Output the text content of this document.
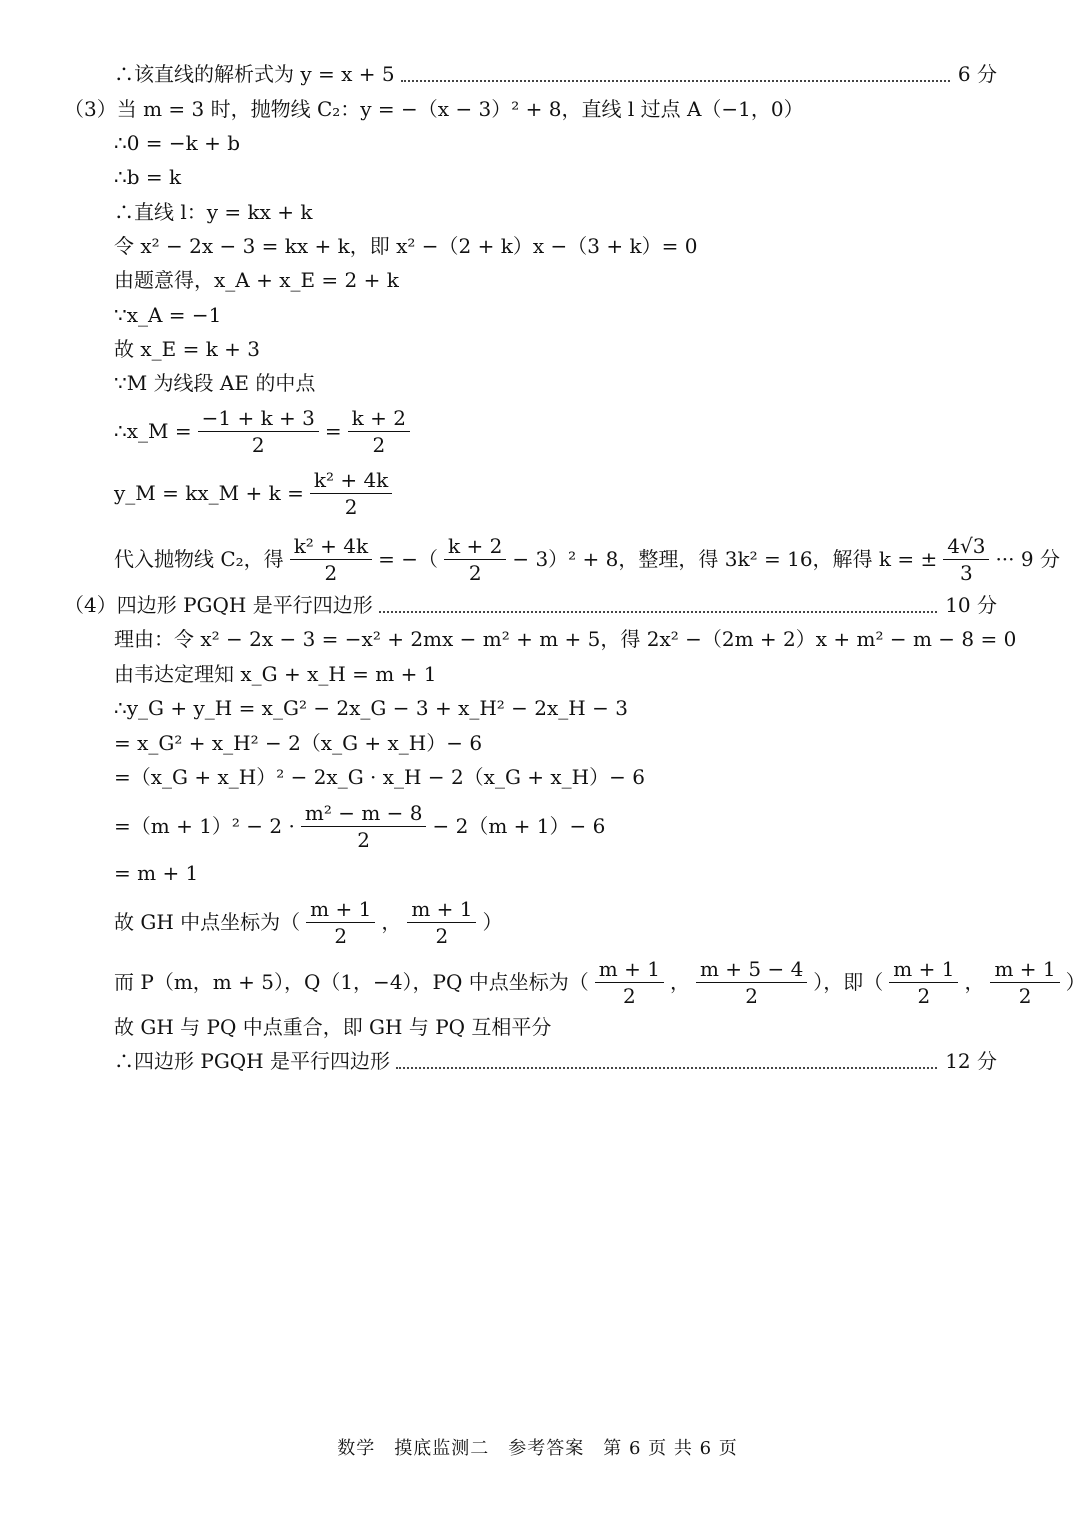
∴该直线的解析式为 y = x + 5	6 分
（3）当 m = 3 时，抛物线 C₂：y = −（x − 3）² + 8，直线 l 过点 A（−1，0）
∴0 = −k + b
∴b = k
∴直线 l：y = kx + k
令 x² − 2x − 3 = kx + k，即 x² −（2 + k）x −（3 + k）= 0
由题意得，x_A + x_E = 2 + k
∵x_A = −1
故 x_E = k + 3
∵M 为线段 AE 的中点
∴x_M = $\frac{-1 + k + 3}{2} = \frac{k + 2}{2}$
y_M = kx_M + $k = \frac{\text{k² + 4k}}{2}$
代入抛物线 C₂，得 $\frac{\text{k² + 4k}}{2}$ = −（ $\frac{k + 2}{2} - 3)^2 + 8$，整理，得 3k² = 16，解得 k = ± $\frac{4√3}{3}$ ··· 9 分
（4）四边形 PGQH 是平行四边形	10 分
理由：令 x² − 2x − 3 = −x² + 2mx − m² + m + 5，得 2x² −（2m + 2）x + m² − m − 8 = 0
由韦达定理知 x_G + x_H = m + 1
∴y_G + y_H = x_G² − 2x_G − 3 + x_H² − 2x_H − 3
= x_G² + x_H² − 2（x_G + x_H）− 6
=（x_G + x_H）² − 2x_G · x_H − 2（x_G + x_H）− 6
$=(m + 1)^2 - 2 \cdot \frac{\text{m² − m − 8}}{2} - 2(m + 1)- 6$
= m + 1
故 GH 中点坐标为（ $\frac{m + 1}{2}$ ， $\frac{m + 1}{2}$ ）
而 P（m，m + 5），Q（1，−4），PQ 中点坐标为（ $\frac{m + 1}{2}$ ， $\frac{m + 5 - 4}{2}$ ），即（ $\frac{m + 1}{2}$ ， $\frac{m + 1}{2}$ ）
故 GH 与 PQ 中点重合，即 GH 与 PQ 互相平分
∴四边形 PGQH 是平行四边形	12 分
数学　摸底监测二　参考答案　第 6 页 共 6 页
